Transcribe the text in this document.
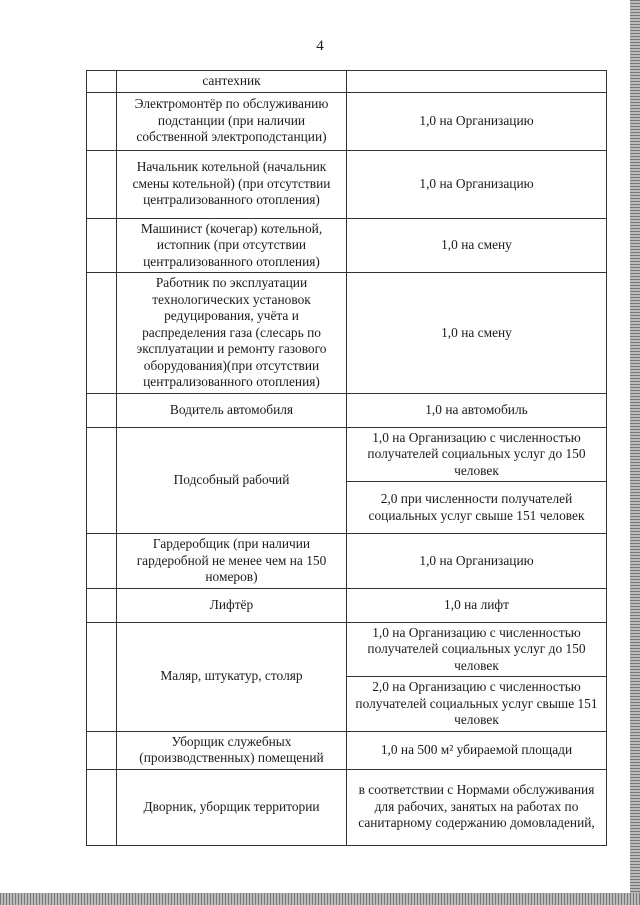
4
	сантехник	
	Электромонтёр по обслуживанию подстанции (при наличии собственной электроподстанции)	1,0 на Организацию
	Начальник котельной (начальник смены котельной) (при отсутствии централизованного отопления)	1,0 на Организацию
	Машинист (кочегар) котельной, истопник (при отсутствии централизованного отопления)	1,0 на смену
	Работник по эксплуатации технологических установок редуцирования, учёта и распределения газа (слесарь по эксплуатации и ремонту газового оборудования)(при отсутствии централизованного отопления)	1,0 на смену
	Водитель автомобиля	1,0 на автомобиль
	Подсобный рабочий	1,0 на Организацию с численностью получателей социальных услуг до 150 человек
		2,0 при численности получателей социальных услуг свыше 151 человек
	Гардеробщик (при наличии гардеробной не менее чем на 150 номеров)	1,0 на Организацию
	Лифтёр	1,0 на лифт
	Маляр, штукатур, столяр	1,0 на Организацию с численностью получателей социальных услуг до 150 человек
		2,0 на Организацию с численностью получателей социальных услуг свыше 151 человек
	Уборщик служебных (производственных) помещений	1,0 на 500 м² убираемой площади
	Дворник, уборщик территории	в соответствии с Нормами обслуживания для рабочих, занятых на работах по санитарному содержанию домовладений,
